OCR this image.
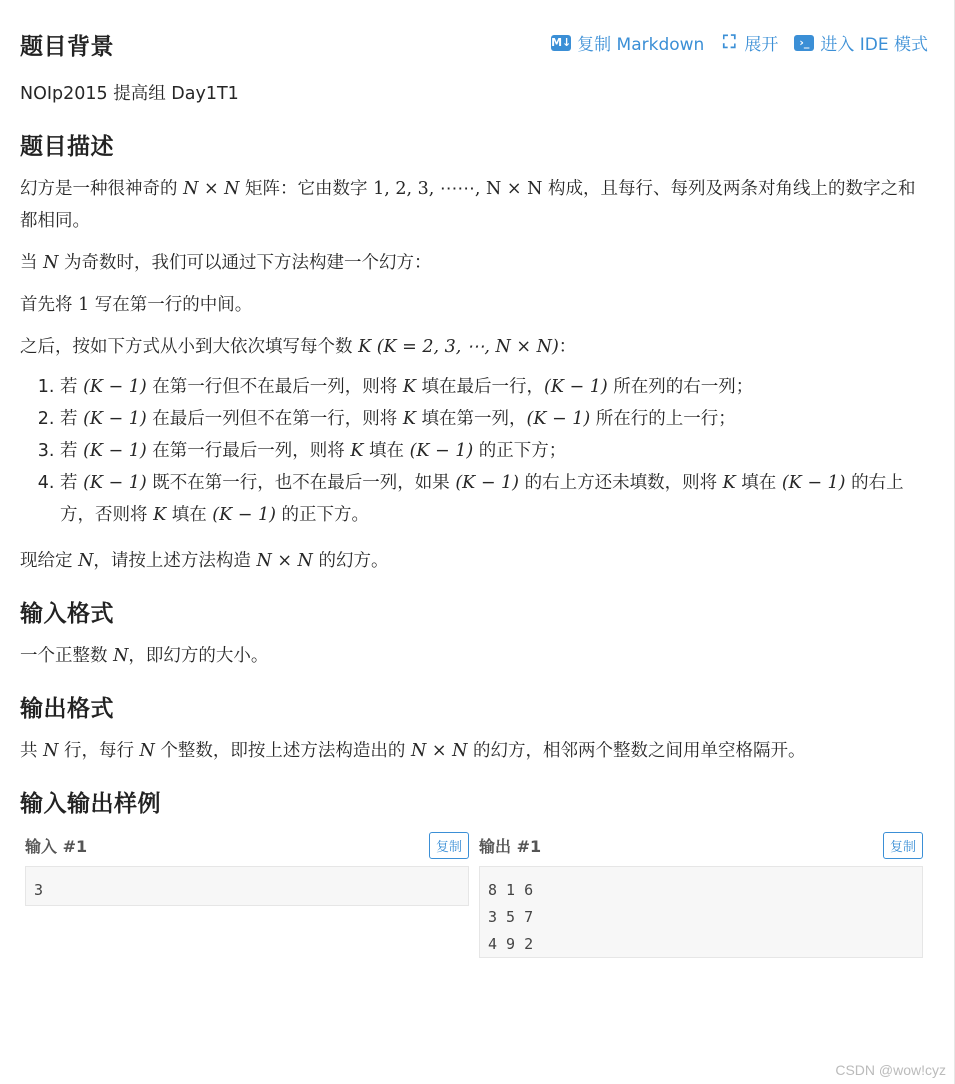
题目背景	M↓ 复制 Markdown ⛶ 展开	›_ 进入 IDE 模式

NOIp2015 提高组 Day1T1

题目描述

幻方是一种很神奇的 N × N 矩阵：它由数字 1, 2, 3, ⋯⋯, N × N 构成，且每行、每列及两条对角线上的数字之和都相同。

当 N 为奇数时，我们可以通过下方法构建一个幻方：

首先将 1 写在第一行的中间。

之后，按如下方式从小到大依次填写每个数 K (K = 2, 3, ⋯, N × N)：

1. 若 (K − 1) 在第一行但不在最后一列，则将 K 填在最后一行，(K − 1) 所在列的右一列；
2. 若 (K − 1) 在最后一列但不在第一行，则将 K 填在第一列，(K − 1) 所在行的上一行；
3. 若 (K − 1) 在第一行最后一列，则将 K 填在 (K − 1) 的正下方；
4. 若 (K − 1) 既不在第一行，也不在最后一列，如果 (K − 1) 的右上方还未填数，则将 K 填在 (K − 1) 的右上方，否则将 K 填在 (K − 1) 的正下方。

现给定 N，请按上述方法构造 N × N 的幻方。

输入格式

一个正整数 N，即幻方的大小。

输出格式

共 N 行，每行 N 个整数，即按上述方法构造出的 N × N 的幻方，相邻两个整数之间用单空格隔开。

输入输出样例
输入 #1	复制
3
输出 #1	复制
8 1 6
3 5 7
4 9 2
CSDN @wow!cyz
